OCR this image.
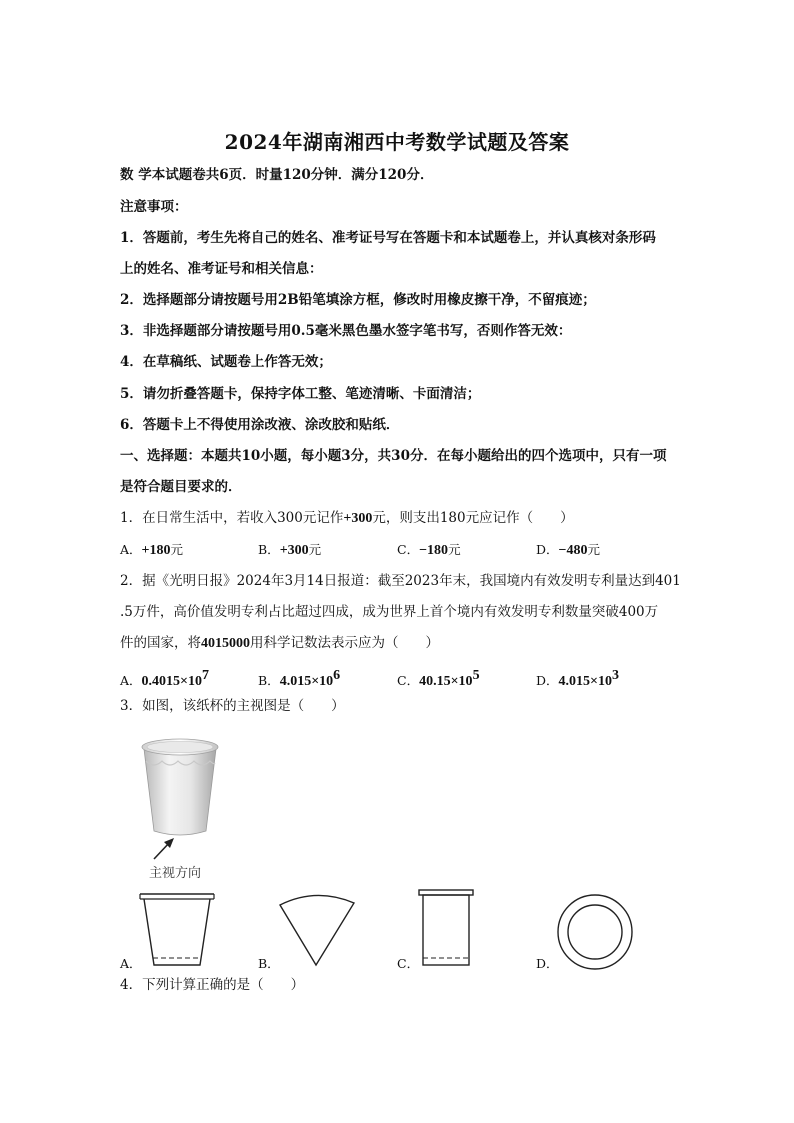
2024年湖南湘西中考数学试题及答案
数 学本试题卷共6页．时量120分钟．满分120分．
注意事项：
1．答题前，考生先将自己的姓名、准考证号写在答题卡和本试题卷上，并认真核对条形码
上的姓名、准考证号和相关信息：
2．选择题部分请按题号用2B铅笔填涂方框，修改时用橡皮擦干净，不留痕迹；
3．非选择题部分请按题号用0.5毫米黑色墨水签字笔书写，否则作答无效：
4．在草稿纸、试题卷上作答无效；
5．请勿折叠答题卡，保持字体工整、笔迹清晰、卡面清洁；
6．答题卡上不得使用涂改液、涂改胶和贴纸．
一、选择题：本题共10小题，每小题3分，共30分．在每小题给出的四个选项中，只有一项
是符合题目要求的．
1．在日常生活中，若收入300元记作+300元，则支出180元应记作（　　）
A．+180元	B．+300元	C．−180元	D．−480元
2．据《光明日报》2024年3月14日报道：截至2023年末，我国境内有效发明专利量达到401
.5万件，高价值发明专利占比超过四成，成为世界上首个境内有效发明专利数量突破400万
件的国家，将4015000用科学记数法表示应为（　　）
A．$0.4015\times 10^7$	B．$4.015\times 10^6$	C．$40.15\times 10^5$	D．$4.015\times 10^3$
3．如图，该纸杯的主视图是（　　）
主视方向
A．	B．	C．	D．
4．下列计算正确的是（　　）
